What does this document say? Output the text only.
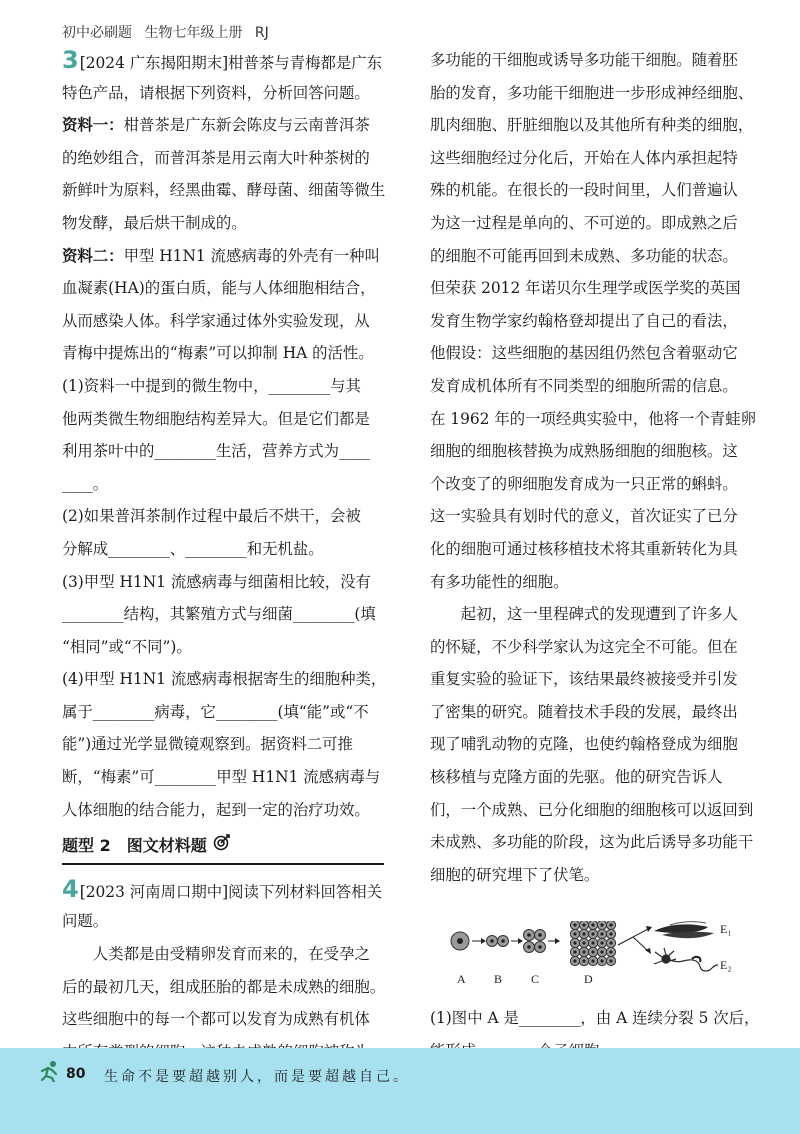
初中必刷题 生物七年级上册 RJ
3[2024 广东揭阳期末]柑普茶与青梅都是广东
特色产品，请根据下列资料，分析回答问题。
资料一：柑普茶是广东新会陈皮与云南普洱茶
的绝妙组合，而普洱茶是用云南大叶种茶树的
新鲜叶为原料，经黑曲霉、酵母菌、细菌等微生
物发酵，最后烘干制成的。
资料二：甲型 H1N1 流感病毒的外壳有一种叫
血凝素(HA)的蛋白质，能与人体细胞相结合，
从而感染人体。科学家通过体外实验发现，从
青梅中提炼出的“梅素”可以抑制 HA 的活性。
(1)资料一中提到的微生物中，________与其
他两类微生物细胞结构差异大。但是它们都是
利用茶叶中的________生活，营养方式为____
____。
(2)如果普洱茶制作过程中最后不烘干，会被
分解成________、________和无机盐。
(3)甲型 H1N1 流感病毒与细菌相比较，没有
________结构，其繁殖方式与细菌________(填
“相同”或“不同”)。
(4)甲型 H1N1 流感病毒根据寄生的细胞种类，
属于________病毒，它________(填“能”或“不
能”)通过光学显微镜观察到。据资料二可推
断，“梅素”可________甲型 H1N1 流感病毒与
人体细胞的结合能力，起到一定的治疗功效。
题型 2　图文材料题
4[2023 河南周口期中]阅读下列材料回答相关
问题。
人类都是由受精卵发育而来的，在受孕之
后的最初几天，组成胚胎的都是未成熟的细胞。
这些细胞中的每一个都可以发育为成熟有机体
多功能的干细胞或诱导多功能干细胞。随着胚
胎的发育，多功能干细胞进一步形成神经细胞、
肌肉细胞、肝脏细胞以及其他所有种类的细胞，
这些细胞经过分化后，开始在人体内承担起特
殊的机能。在很长的一段时间里，人们普遍认
为这一过程是单向的、不可逆的。即成熟之后
的细胞不可能再回到未成熟、多功能的状态。
但荣获 2012 年诺贝尔生理学或医学奖的英国
发育生物学家约翰格登却提出了自己的看法，
他假设：这些细胞的基因组仍然包含着驱动它
发育成机体所有不同类型的细胞所需的信息。
在 1962 年的一项经典实验中，他将一个青蛙卵
细胞的细胞核替换为成熟肠细胞的细胞核。这
个改变了的卵细胞发育成为一只正常的蝌蚪。
这一实验具有划时代的意义，首次证实了已分
化的细胞可通过核移植技术将其重新转化为具
有多功能性的细胞。
起初，这一里程碑式的发现遭到了许多人
的怀疑，不少科学家认为这完全不可能。但在
重复实验的验证下，该结果最终被接受并引发
了密集的研究。随着技术手段的发展，最终出
现了哺乳动物的克隆，也使约翰格登成为细胞
核移植与克隆方面的先驱。他的研究告诉人
们，一个成熟、已分化细胞的细胞核可以返回到
未成熟、多功能的阶段，这为此后诱导多功能干
细胞的研究埋下了伏笔。
A B C	D
E₁
E₂
(1)图中 A 是________，由 A 连续分裂 5 次后，
80 生命不是要超越别人，而是要超越自己。
